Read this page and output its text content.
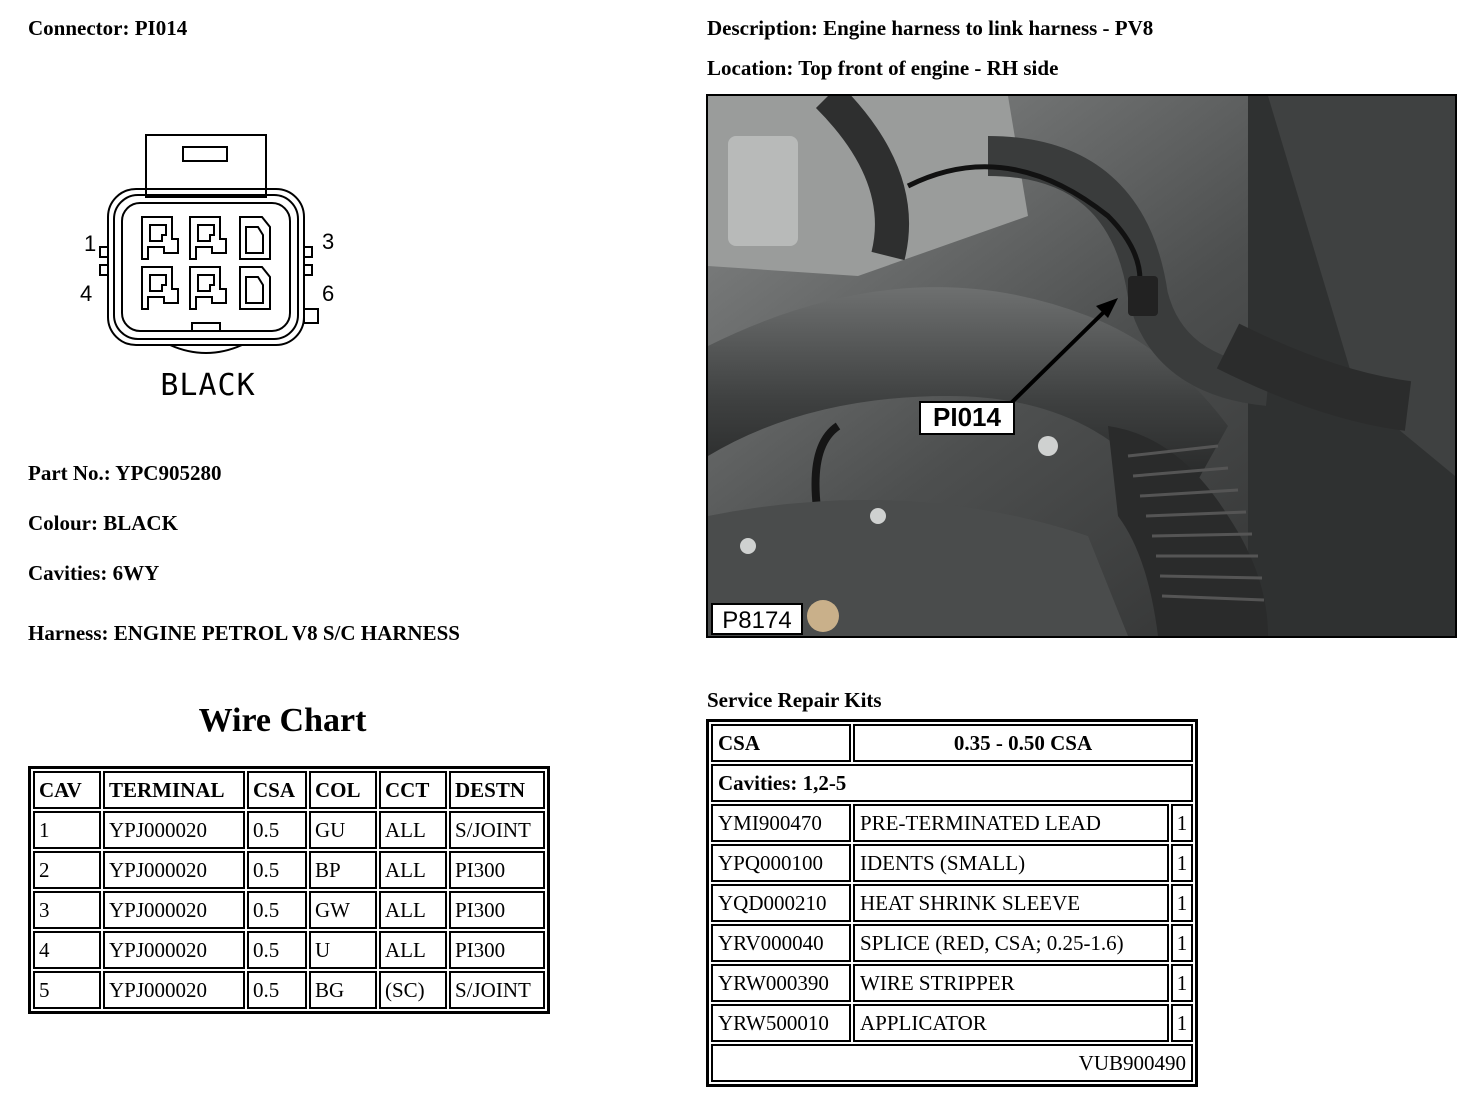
Connector: PI014	Description: Engine harness to link harness - PV8
Location: Top front of engine - RH side
1	3
4	6
BLACK
Part No.: YPC905280
Colour: BLACK
Cavities: 6WY
Harness: ENGINE PETROL V8 S/C HARNESS
Wire Chart
CAV	TERMINAL	CSA	COL	CCT	DESTN
1	YPJ000020	0.5	GU	ALL	S/JOINT
2	YPJ000020	0.5	BP	ALL	PI300
3	YPJ000020	0.5	GW	ALL	PI300
4	YPJ000020	0.5	U	ALL	PI300
5	YPJ000020	0.5	BG	(SC)	S/JOINT
PI014
P8174
Service Repair Kits
CSA	0.35 - 0.50 CSA	
Cavities: 1,2-5		
YMI900470	PRE-TERMINATED LEAD	1
YPQ000100	IDENTS (SMALL)	1
YQD000210	HEAT SHRINK SLEEVE	1
YRV000040	SPLICE (RED, CSA; 0.25-1.6)	1
YRW000390	WIRE STRIPPER	1
YRW500010	APPLICATOR	1
VUB900490		
